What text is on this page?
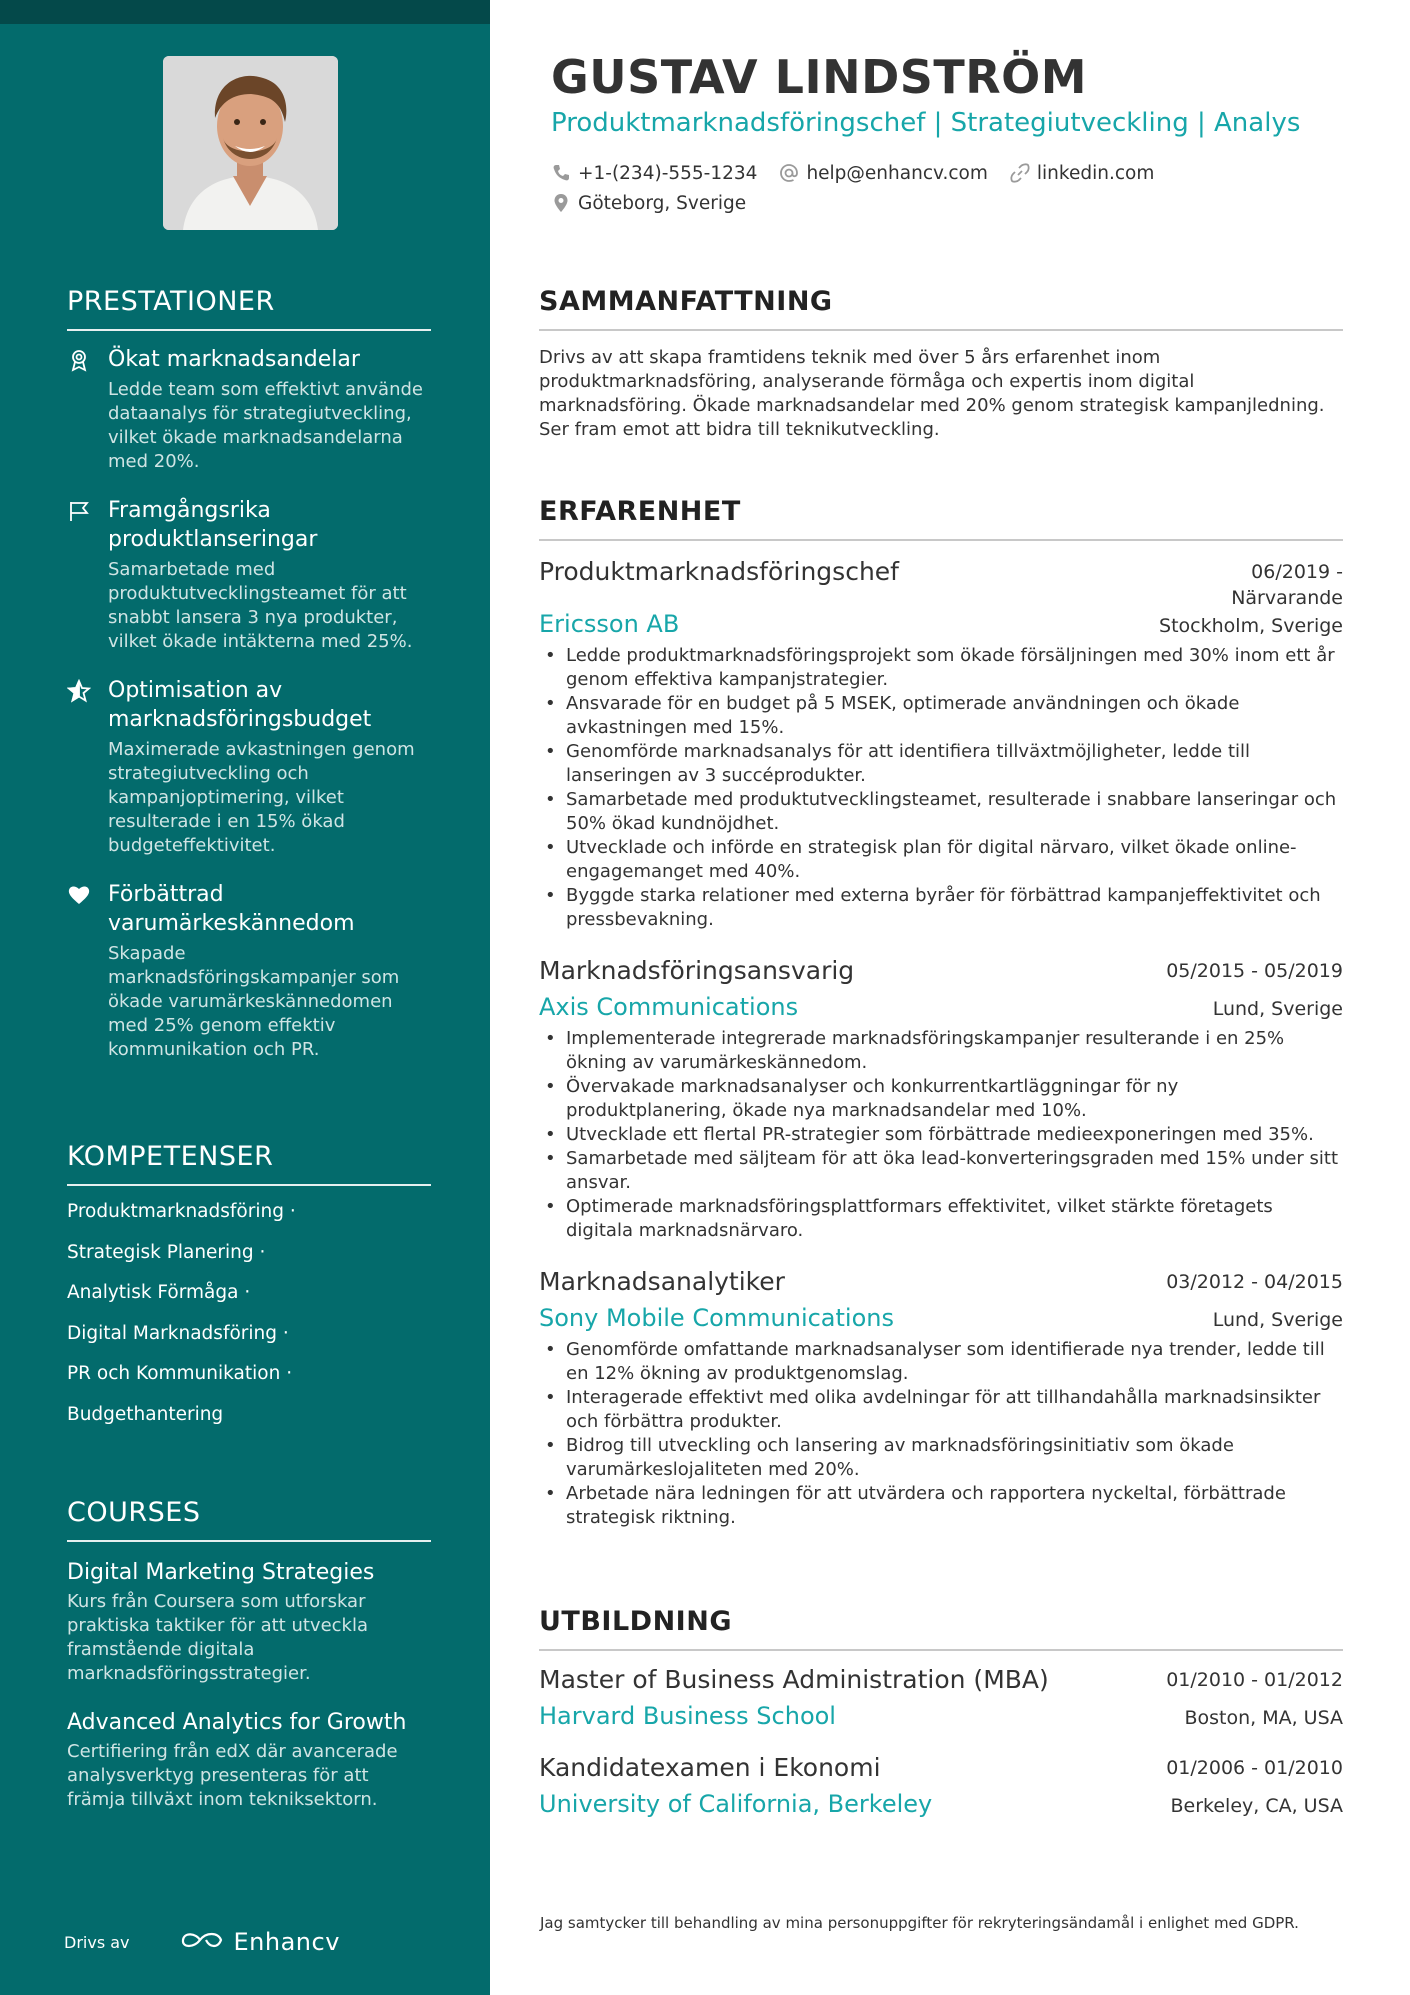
PRESTATIONER
Ökat marknadsandelar
Ledde team som effektivt använde dataanalys för strategiutveckling, vilket ökade marknadsandelarna med 20%.
Framgångsrika produktlanseringar
Samarbetade med produktutvecklingsteamet för att snabbt lansera 3 nya produkter, vilket ökade intäkterna med 25%.
Optimisation av marknadsföringsbudget
Maximerade avkastningen genom strategiutveckling och kampanjoptimering, vilket resulterade i en 15% ökad budgeteffektivitet.
Förbättrad varumärkeskännedom
Skapade marknadsföringskampanjer som ökade varumärkeskännedomen med 25% genom effektiv kommunikation och PR.
KOMPETENSER
Produktmarknadsföring ·
Strategisk Planering ·
Analytisk Förmåga ·
Digital Marknadsföring ·
PR och Kommunikation ·
Budgethantering
COURSES
Digital Marketing Strategies
Kurs från Coursera som utforskar praktiska taktiker för att utveckla framstående digitala marknadsföringsstrategier.
Advanced Analytics for Growth
Certifiering från edX där avancerade analysverktyg presenteras för att främja tillväxt inom tekniksektorn.
Drivs av	Enhancv
GUSTAV LINDSTRÖM
Produktmarknadsföringschef | Strategiutveckling | Analys
+1-(234)-555-1234	help@enhancv.com	linkedin.com
Göteborg, Sverige
SAMMANFATTNING

Drivs av att skapa framtidens teknik med över 5 års erfarenhet inom produktmarknadsföring, analyserande förmåga och expertis inom digital marknadsföring. Ökade marknadsandelar med 20% genom strategisk kampanjledning. Ser fram emot att bidra till teknikutveckling.

ERFARENHET
Produktmarknadsföringschef	06/2019 -
Närvarande
Ericsson AB	Stockholm, Sverige
• Ledde produktmarknadsföringsprojekt som ökade försäljningen med 30% inom ett år genom effektiva kampanjstrategier.
• Ansvarade för en budget på 5 MSEK, optimerade användningen och ökade avkastningen med 15%.
• Genomförde marknadsanalys för att identifiera tillväxtmöjligheter, ledde till lanseringen av 3 succéprodukter.
• Samarbetade med produktutvecklingsteamet, resulterade i snabbare lanseringar och 50% ökad kundnöjdhet.
• Utvecklade och införde en strategisk plan för digital närvaro, vilket ökade online-engagemanget med 40%.
• Byggde starka relationer med externa byråer för förbättrad kampanjeffektivitet och pressbevakning.
Marknadsföringsansvarig	05/2015 - 05/2019
Axis Communications	Lund, Sverige
• Implementerade integrerade marknadsföringskampanjer resulterande i en 25% ökning av varumärkeskännedom.
• Övervakade marknadsanalyser och konkurrentkartläggningar för ny produktplanering, ökade nya marknadsandelar med 10%.
• Utvecklade ett flertal PR-strategier som förbättrade medieexponeringen med 35%.
• Samarbetade med säljteam för att öka lead-konverteringsgraden med 15% under sitt ansvar.
• Optimerade marknadsföringsplattformars effektivitet, vilket stärkte företagets digitala marknadsnärvaro.
Marknadsanalytiker	03/2012 - 04/2015
Sony Mobile Communications	Lund, Sverige
• Genomförde omfattande marknadsanalyser som identifierade nya trender, ledde till en 12% ökning av produktgenomslag.
• Interagerade effektivt med olika avdelningar för att tillhandahålla marknadsinsikter och förbättra produkter.
• Bidrog till utveckling och lansering av marknadsföringsinitiativ som ökade varumärkeslojaliteten med 20%.
• Arbetade nära ledningen för att utvärdera och rapportera nyckeltal, förbättrade strategisk riktning.
UTBILDNING
Master of Business Administration (MBA)	01/2010 - 01/2012
Harvard Business School	Boston, MA, USA
Kandidatexamen i Ekonomi	01/2006 - 01/2010
University of California, Berkeley	Berkeley, CA, USA

Jag samtycker till behandling av mina personuppgifter för rekryteringsändamål i enlighet med GDPR.
